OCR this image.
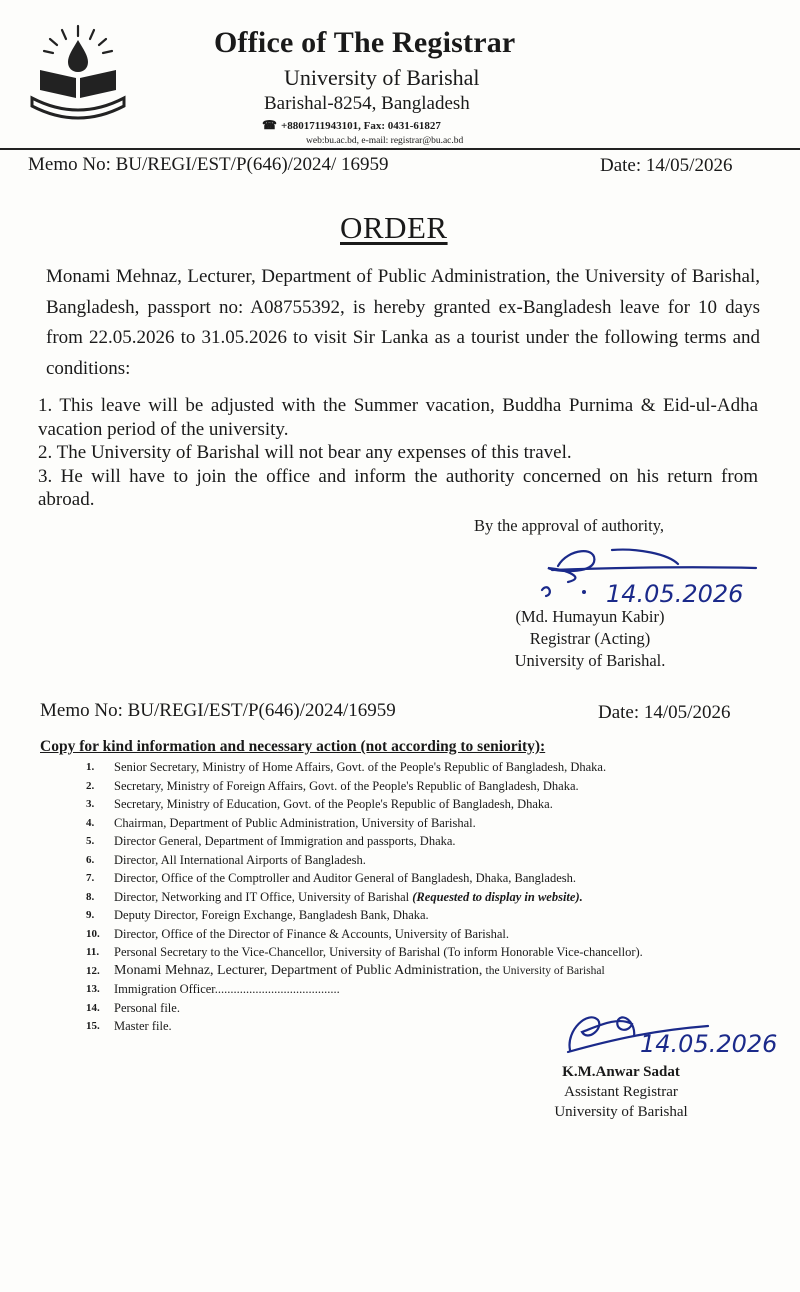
Office of The Registrar
University of Barishal
Barishal-8254, Bangladesh
☎ +8801711943101, Fax: 0431-61827
web:bu.ac.bd, e-mail: registrar@bu.ac.bd
Memo No: BU/REGI/EST/P(646)/2024/ 16959	Date: 14/05/2026
ORDER
Monami Mehnaz, Lecturer, Department of Public Administration, the University of Barishal, Bangladesh, passport no: A08755392, is hereby granted ex-Bangladesh leave for 10 days from 22.05.2026 to 31.05.2026 to visit Sir Lanka as a tourist under the following terms and conditions:

1. This leave will be adjusted with the Summer vacation, Buddha Purnima & Eid-ul-Adha vacation period of the university.

2. The University of Barishal will not bear any expenses of this travel.

3. He will have to join the office and inform the authority concerned on his return from abroad.

By the approval of authority,
14.05.2026
(Md. Humayun Kabir)
Registrar (Acting)
University of Barishal.
Memo No: BU/REGI/EST/P(646)/2024/16959	Date: 14/05/2026
Copy for kind information and necessary action (not according to seniority):
1.	Senior Secretary, Ministry of Home Affairs, Govt. of the People's Republic of Bangladesh, Dhaka.
2.	Secretary, Ministry of Foreign Affairs, Govt. of the People's Republic of Bangladesh, Dhaka.
3.	Secretary, Ministry of Education, Govt. of the People's Republic of Bangladesh, Dhaka.
4.	Chairman, Department of Public Administration, University of Barishal.
5.	Director General, Department of Immigration and passports, Dhaka.
6.	Director, All International Airports of Bangladesh.
7.	Director, Office of the Comptroller and Auditor General of Bangladesh, Dhaka, Bangladesh.
8.	Director, Networking and IT Office, University of Barishal
(Requested to display in website).
9.	Deputy Director, Foreign Exchange, Bangladesh Bank, Dhaka.
10.	Director, Office of the Director of Finance & Accounts, University of Barishal.
11.	Personal Secretary to the Vice-Chancellor, University of Barishal (To inform Honorable Vice-chancellor).
12.	Monami Mehnaz, Lecturer, Department of Public Administration,
the University of Barishal
13.	Immigration Officer........................................
14.	Personal file.
15.	Master file.
14.05.2026
K.M.Anwar Sadat
Assistant Registrar
University of Barishal
